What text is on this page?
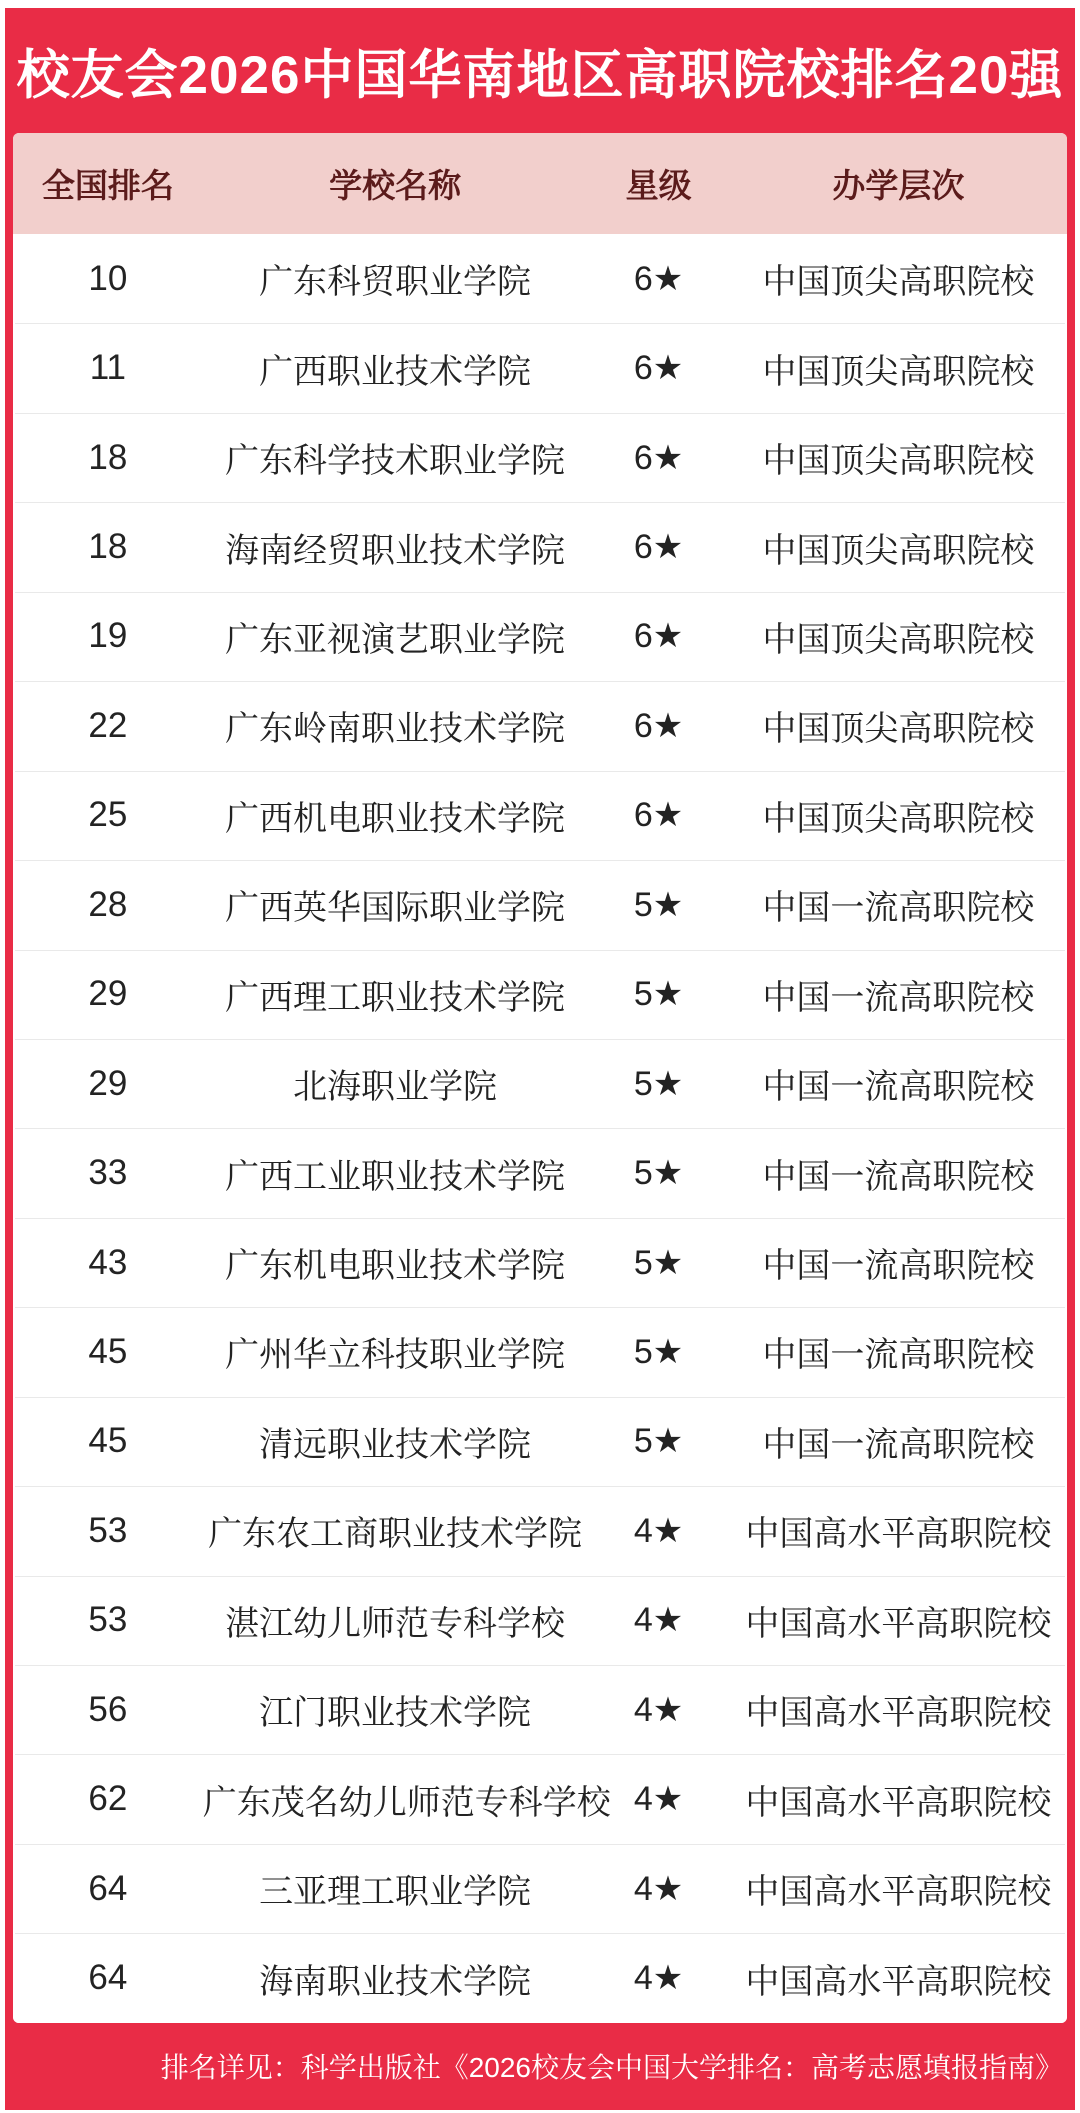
校友会2026中国华南地区高职院校排名20强
全国排名	学校名称	星级	办学层次
10	广东科贸职业学院	6★	中国顶尖高职院校
11	广西职业技术学院	6★	中国顶尖高职院校
18	广东科学技术职业学院	6★	中国顶尖高职院校
18	海南经贸职业技术学院	6★	中国顶尖高职院校
19	广东亚视演艺职业学院	6★	中国顶尖高职院校
22	广东岭南职业技术学院	6★	中国顶尖高职院校
25	广西机电职业技术学院	6★	中国顶尖高职院校
28	广西英华国际职业学院	5★	中国一流高职院校
29	广西理工职业技术学院	5★	中国一流高职院校
29	北海职业学院	5★	中国一流高职院校
33	广西工业职业技术学院	5★	中国一流高职院校
43	广东机电职业技术学院	5★	中国一流高职院校
45	广州华立科技职业学院	5★	中国一流高职院校
45	清远职业技术学院	5★	中国一流高职院校
53	广东农工商职业技术学院	4★	中国高水平高职院校
53	湛江幼儿师范专科学校	4★	中国高水平高职院校
56	江门职业技术学院	4★	中国高水平高职院校
62	广东茂名幼儿师范专科学校 4★	中国高水平高职院校
64	三亚理工职业学院	4★	中国高水平高职院校
64	海南职业技术学院	4★	中国高水平高职院校
排名详见：科学出版社《2026校友会中国大学排名：高考志愿填报指南》
